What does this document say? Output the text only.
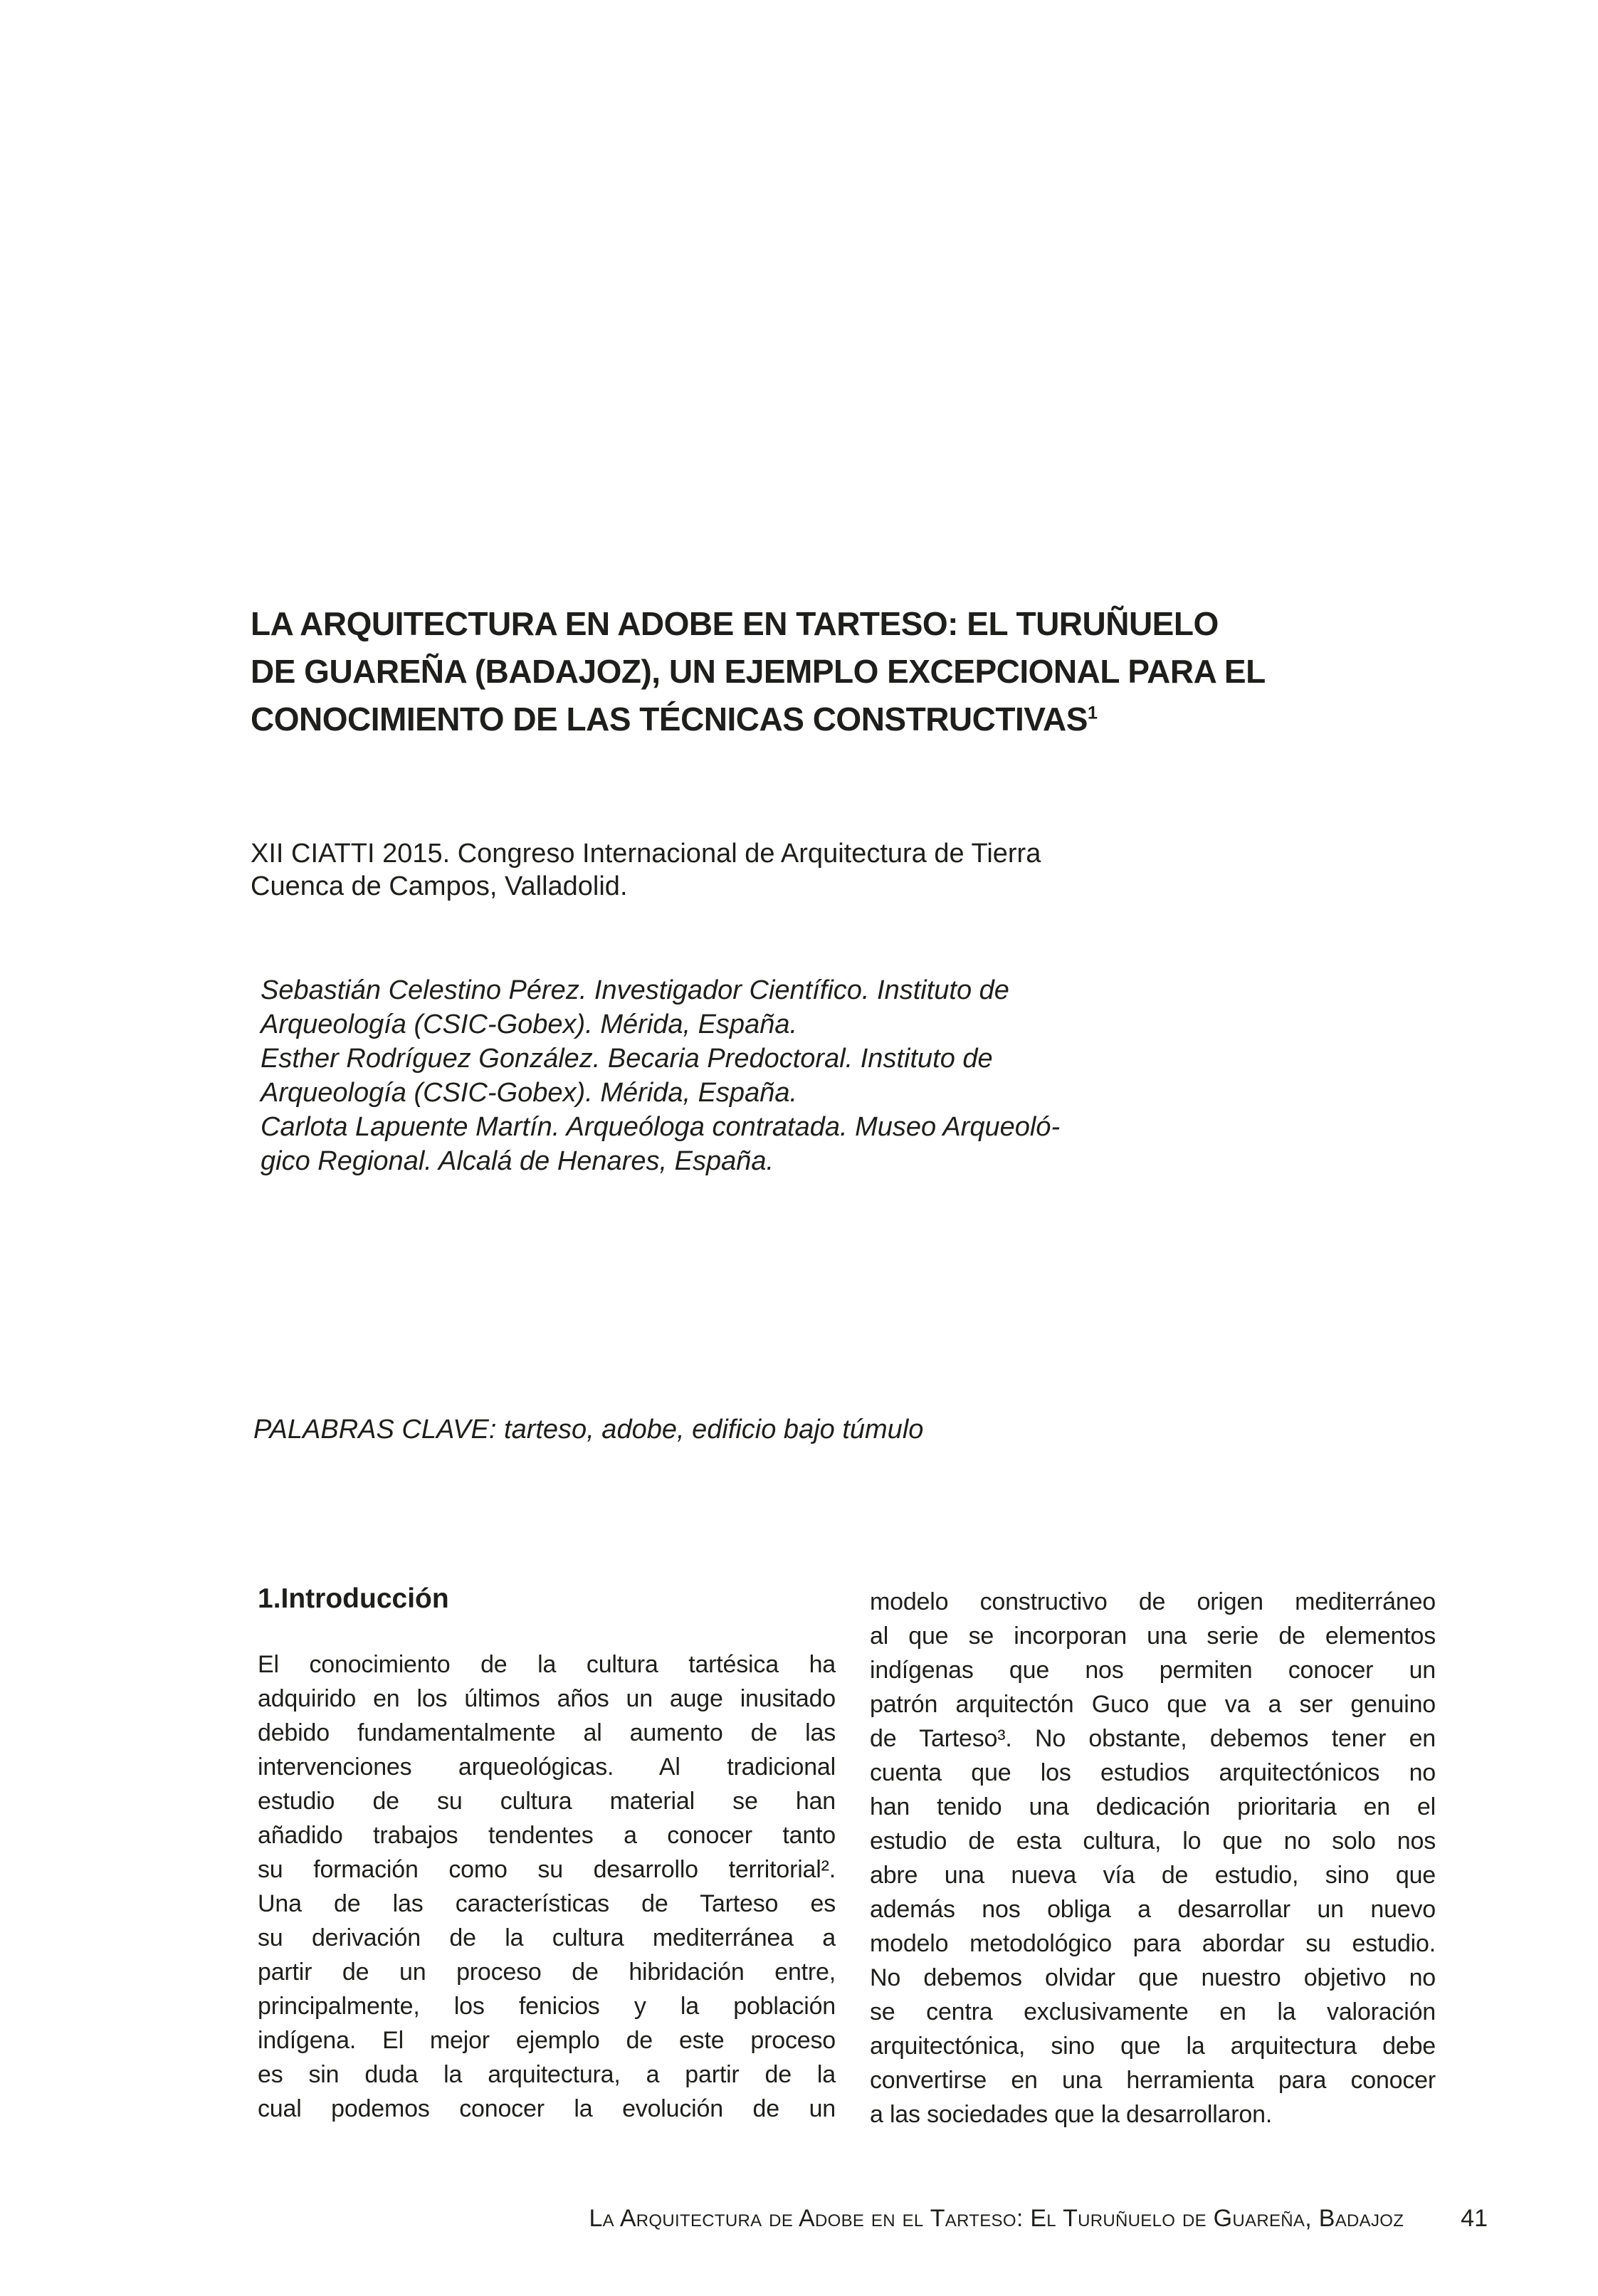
LA ARQUITECTURA EN ADOBE EN TARTESO: EL TURUÑUELO
DE GUAREÑA (BADAJOZ), UN EJEMPLO EXCEPCIONAL PARA EL
CONOCIMIENTO DE LAS TÉCNICAS CONSTRUCTIVAS$^1$
XII CIATTI 2015. Congreso Internacional de Arquitectura de Tierra
Cuenca de Campos, Valladolid.
Sebastián Celestino Pérez. Investigador Científico. Instituto de
Arqueología (CSIC-Gobex). Mérida, España.
Esther Rodríguez González. Becaria Predoctoral. Instituto de
Arqueología (CSIC-Gobex). Mérida, España.
Carlota Lapuente Martín. Arqueóloga contratada. Museo Arqueoló-
gico Regional. Alcalá de Henares, España.
PALABRAS CLAVE: tarteso, adobe, edificio bajo túmulo
1.Introducción
El conocimiento de la cultura tartésica ha
adquirido en los últimos años un auge inusitado
debido fundamentalmente al aumento de las
intervenciones arqueológicas. Al tradicional
estudio de su cultura material se han
añadido trabajos tendentes a conocer tanto
su formación como su desarrollo territorial².
Una de las características de Tarteso es
su derivación de la cultura mediterránea a
partir de un proceso de hibridación entre,
principalmente, los fenicios y la población
indígena. El mejor ejemplo de este proceso
es sin duda la arquitectura, a partir de la
cual podemos conocer la evolución de un
modelo constructivo de origen mediterráneo
al que se incorporan una serie de elementos
indígenas que nos permiten conocer un
patrón arquitectón Guco que va a ser genuino
de Tarteso³. No obstante, debemos tener en
cuenta que los estudios arquitectónicos no
han tenido una dedicación prioritaria en el
estudio de esta cultura, lo que no solo nos
abre una nueva vía de estudio, sino que
además nos obliga a desarrollar un nuevo
modelo metodológico para abordar su estudio.
No debemos olvidar que nuestro objetivo no
se centra exclusivamente en la valoración
arquitectónica, sino que la arquitectura debe
convertirse en una herramienta para conocer
a las sociedades que la desarrollaron.
La Arquitectura de Adobe en el Tarteso: El Turuñuelo de Guareña, Badajoz 41
